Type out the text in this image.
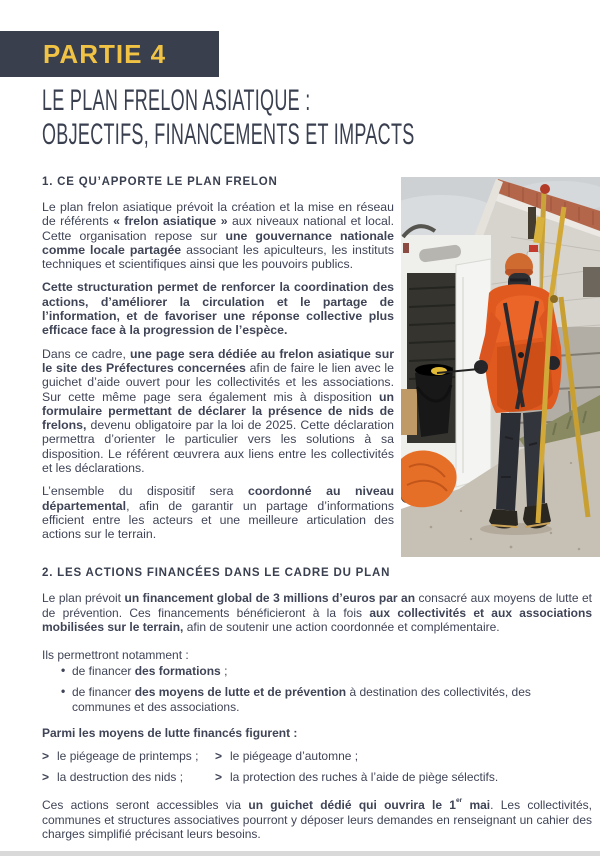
PARTIE 4
LE PLAN FRELON ASIATIQUE :
OBJECTIFS, FINANCEMENTS ET IMPACTS
1. CE QU’APPORTE LE PLAN FRELON

Le plan frelon asiatique prévoit la création et la mise en réseau de référents « frelon asiatique » aux niveaux national et local. Cette organisation repose sur une gouvernance nationale comme locale partagée associant les apiculteurs, les instituts techniques et scientifiques ainsi que les pouvoirs publics.

Cette structuration permet de renforcer la coordination des actions, d’améliorer la circulation et le partage de l’information, et de favoriser une réponse collective plus efficace face à la progression de l’espèce.

Dans ce cadre, une page sera dédiée au frelon asiatique sur le site des Préfectures concernées afin de faire le lien avec le guichet d’aide ouvert pour les collectivités et les associations. Sur cette même page sera également mis à disposition un formulaire permettant de déclarer la présence de nids de frelons, devenu obligatoire par la loi de 2025. Cette déclaration permettra d’orienter le particulier vers les solutions à sa disposition. Le référent œuvrera aux liens entre les collectivités et les déclarations.

L’ensemble du dispositif sera coordonné au niveau départemental, afin de garantir un partage d’informations efficient entre les acteurs et une meilleure articulation des actions sur le terrain.

2. LES ACTIONS FINANCÉES DANS LE CADRE DU PLAN

Le plan prévoit un financement global de 3 millions d’euros par an consacré aux moyens de lutte et de prévention. Ces financements bénéficieront à la fois aux collectivités et aux associations mobilisées sur le terrain, afin de soutenir une action coordonnée et complémentaire.

Ils permettront notamment :

• de financer des formations ;
• de financer des moyens de lutte et de prévention à destination des collectivités, des communes et des associations.

Parmi les moyens de lutte financés figurent :

> le piégeage de printemps ; > le piégeage d’automne ;
> la destruction des nids ;	> la protection des ruches à l’aide de piège sélectifs.

Ces actions seront accessibles via un guichet dédié qui ouvrira le 1er mai. Les collectivités, communes et structures associatives pourront y déposer leurs demandes en renseignant un cahier des charges simplifié précisant leurs besoins.
